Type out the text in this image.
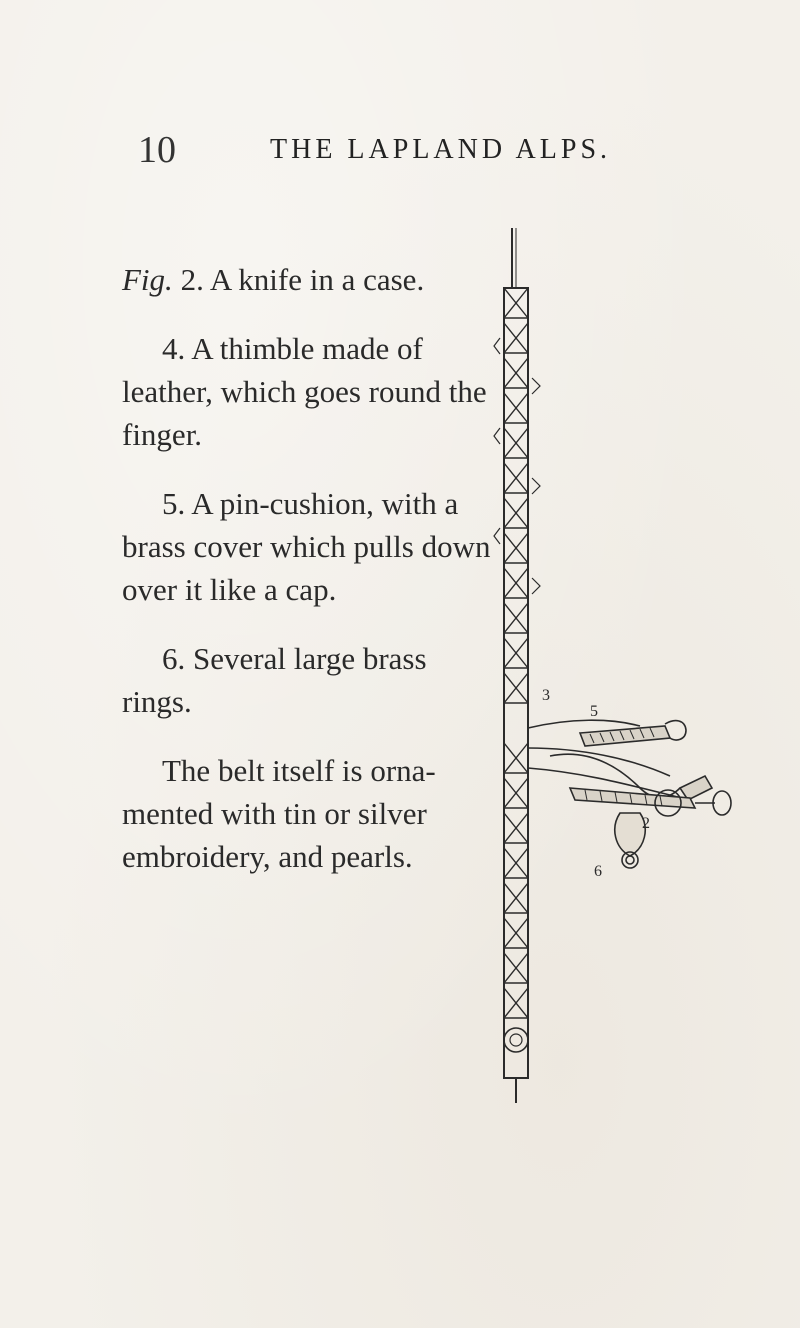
10	THE LAPLAND ALPS.

Fig. 2. A knife in a case.

4. A thimble made of leather, which goes round the finger.

5. A pin-cushion, with a brass cover which pulls down over it like a cap.

6. Several large brass rings.

The belt itself is orna-mented with tin or silver embroidery, and pearls.

3
5
2
6
